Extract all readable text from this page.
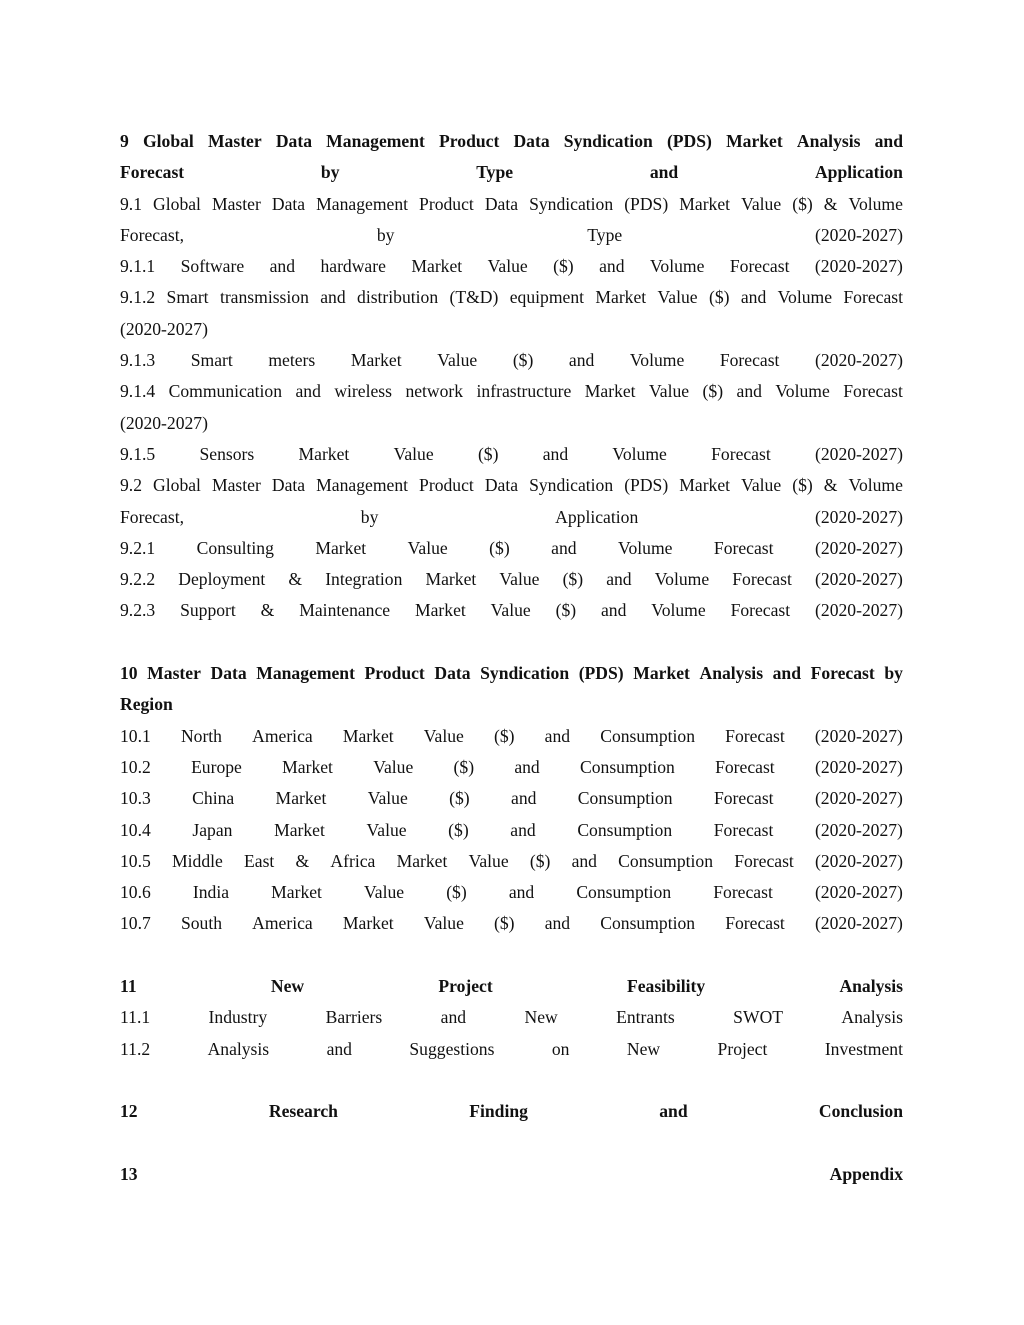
9 Global Master Data Management Product Data Syndication (PDS) Market Analysis and
Forecast	by	Type	and	Application
9.1 Global Master Data Management Product Data Syndication (PDS) Market Value ($) & Volume
Forecast,	by	Type	(2020-2027)
9.1.1 Software and hardware Market Value ($) and Volume Forecast (2020-2027)
9.1.2 Smart transmission and distribution (T&D) equipment Market Value ($) and Volume Forecast
(2020-2027)
9.1.3 Smart meters Market Value ($) and Volume Forecast (2020-2027)
9.1.4 Communication and wireless network infrastructure Market Value ($) and Volume Forecast
(2020-2027)
9.1.5	Sensors	Market	Value	($)	and	Volume	Forecast	(2020-2027)
9.2 Global Master Data Management Product Data Syndication (PDS) Market Value ($) & Volume
Forecast,	by	Application	(2020-2027)
9.2.1 Consulting Market Value ($) and Volume Forecast (2020-2027)
9.2.2 Deployment & Integration Market Value ($) and Volume Forecast (2020-2027)
9.2.3 Support & Maintenance Market Value ($) and Volume Forecast (2020-2027)
10 Master Data Management Product Data Syndication (PDS) Market Analysis and Forecast by
Region
10.1 North America Market Value ($) and Consumption Forecast (2020-2027)
10.2 Europe Market Value ($) and Consumption Forecast (2020-2027)
10.3 China Market Value ($) and Consumption Forecast (2020-2027)
10.4 Japan Market Value ($) and Consumption Forecast (2020-2027)
10.5 Middle East & Africa Market Value ($) and Consumption Forecast (2020-2027)
10.6 India Market Value ($) and Consumption Forecast (2020-2027)
10.7 South America Market Value ($) and Consumption Forecast (2020-2027)
11	New	Project	Feasibility	Analysis
11.1	Industry	Barriers	and	New	Entrants	SWOT	Analysis
11.2	Analysis	and	Suggestions	on	New	Project	Investment
12	Research	Finding	and	Conclusion
13	Appendix
